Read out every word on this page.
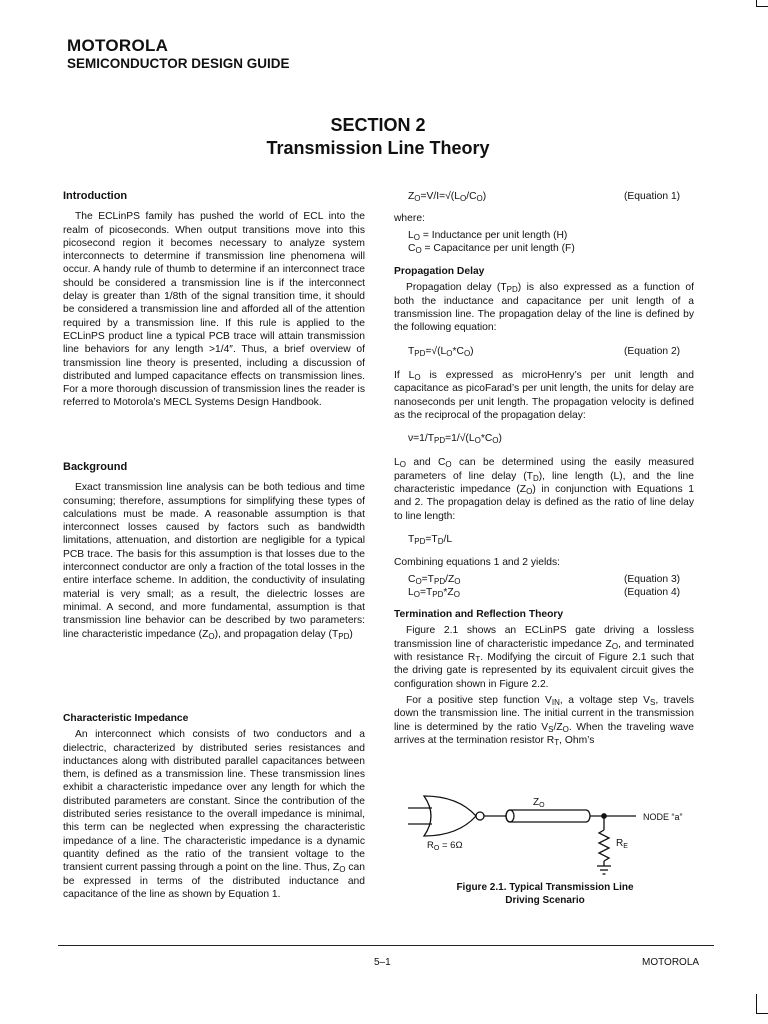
MOTOROLA
SEMICONDUCTOR DESIGN GUIDE
SECTION 2
Transmission Line Theory

Introduction

The ECLinPS family has pushed the world of ECL into the realm of picoseconds. When output transitions move into this picosecond region it becomes necessary to analyze system interconnects to determine if transmission line phenomena will occur. A handy rule of thumb to determine if an interconnect trace should be considered a transmission line is if the interconnect delay is greater than 1/8th of the signal transition time, it should be considered a transmission line and afforded all of the attention required by a transmission line. If this rule is applied to the ECLinPS product line a typical PCB trace will attain transmission line behaviors for any length >1/4″. Thus, a brief overview of transmission line theory is presented, including a discussion of distributed and lumped capacitance effects on transmission lines. For a more thorough discussion of transmission lines the reader is referred to Motorola’s MECL Systems Design Handbook.

Background

Exact transmission line analysis can be both tedious and time consuming; therefore, assumptions for simplifying these types of calculations must be made. A reasonable assumption is that interconnect losses caused by factors such as bandwidth limitations, attenuation, and distortion are negligible for a typical PCB trace. The basis for this assumption is that losses due to the interconnect conductor are only a fraction of the total losses in the entire interface scheme. In addition, the conductivity of insulating material is very small; as a result, the dielectric losses are minimal. A second, and more fundamental, assumption is that transmission line behavior can be described by two parameters: line characteristic impedance $(Z_O)$, and propagation delay $(T_{PD})$

Characteristic Impedance

An interconnect which consists of two conductors and a dielectric, characterized by distributed series resistances and inductances along with distributed parallel capacitances between them, is defined as a transmission line. These transmission lines exhibit a characteristic impedance over any length for which the distributed parameters are constant. Since the contribution of the distributed series resistance to the overall impedance is minimal, this term can be neglected when expressing the characteristic impedance of a line. The characteristic impedance is a dynamic quantity defined as the ratio of the transient voltage to the transient current passing through a point on the line. Thus, $Z_O$ can be expressed in terms of the distributed inductance and capacitance of the line as shown by Equation 1.

$Z_O=V/I=√(L_O/C_O)$	(Equation 1)

where:

$L_O$ = Inductance per unit length (H)

$C_O$ = Capacitance per unit length (F)

Propagation Delay

Propagation delay $(T_{PD})$ is also expressed as a function of both the inductance and capacitance per unit length of a transmission line. The propagation delay of the line is defined by the following equation:

$T_{PD}=√(L_O*C_O)$	(Equation 2)

If $L_O$ is expressed as microHenry’s per unit length and capacitance as picoFarad’s per unit length, the units for delay are nanoseconds per unit length. The propagation velocity is defined as the reciprocal of the propagation delay:

$\nu=1/T_{PD}=1/√(L_O*C_O)$

$L_O$ and $C_O$ can be determined using the easily measured parameters of line delay $(T_D)$, line length (L), and the line characteristic impedance $(Z_O)$ in conjunction with Equations 1 and 2. The propagation delay is defined as the ratio of line delay to line length:

$T_{PD}=T_D/L$

Combining equations 1 and 2 yields:

$C_O=T_{PD}/Z_O$	(Equation 3)
$L_O=T_{PD}*Z_O$	(Equation 4)

Termination and Reflection Theory

Figure 2.1 shows an ECLinPS gate driving a lossless transmission line of characteristic impedance $Z_O$, and terminated with resistance $R_T$. Modifying the circuit of Figure 2.1 such that the driving gate is represented by its equivalent circuit gives the configuration shown in Figure 2.2.

For a positive step function $V_{IN}$, a voltage step $V_S$, travels down the transmission line. The initial current in the transmission line is determined by the ratio $V_S/Z_O$. When the traveling wave arrives at the termination resistor $R_T$, Ohm’s

$Z_O$
NODE “a”
$R_O = 6\Omega$	$R_E$
Figure 2.1. Typical Transmission Line
Driving Scenario
5–1	MOTOROLA
